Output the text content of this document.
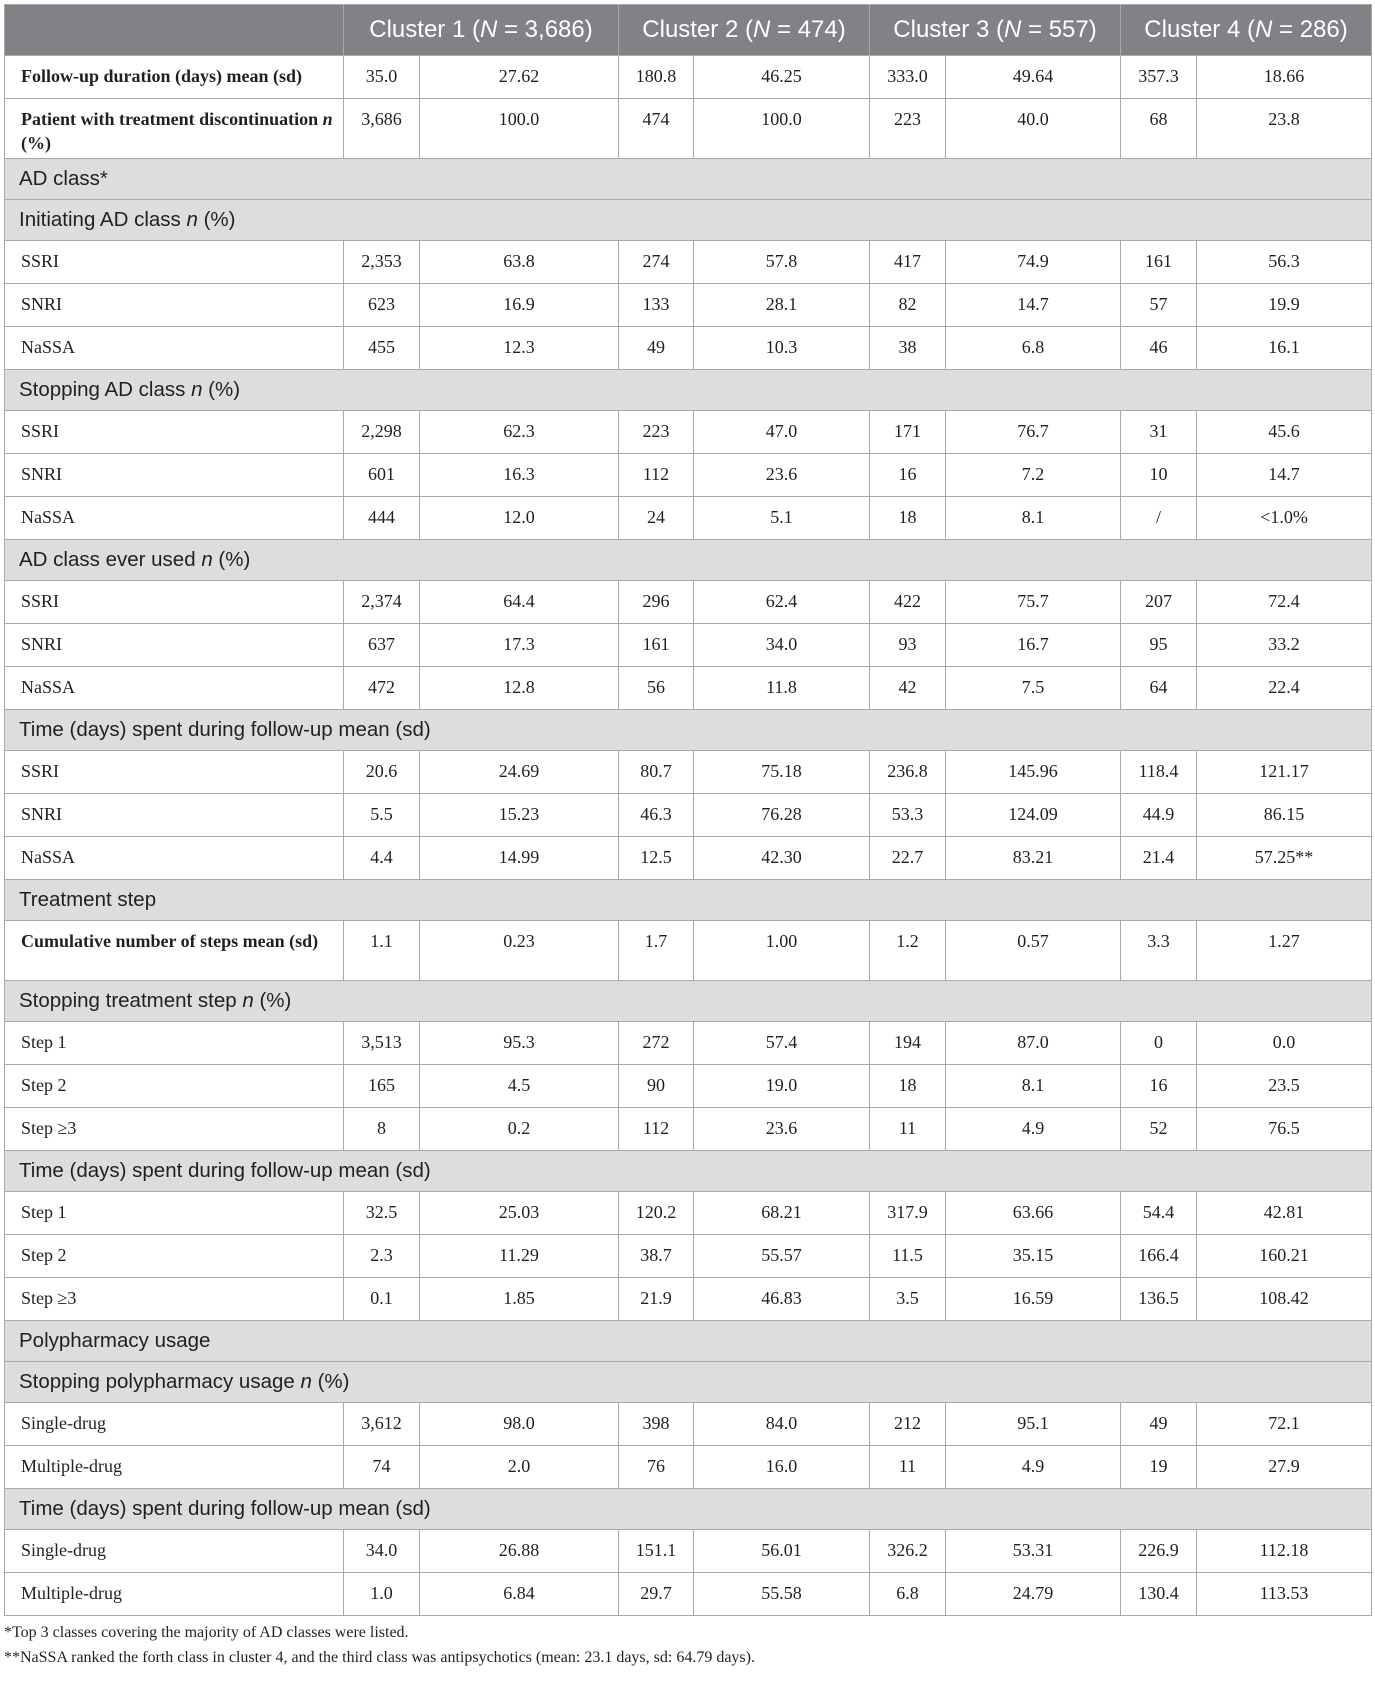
	Cluster 1 (N = 3,686)		Cluster 2 (N = 474)		Cluster 3 (N = 557)		Cluster 4 (N = 286)	
Follow-up duration (days) mean (sd)	35.0	27.62	180.8	46.25	333.0	49.64	357.3	18.66
Patient with treatment discontinuation n (%)	3,686	100.0	474	100.0	223	40.0	68	23.8
AD class*								
Initiating AD class n (%)								
SSRI	2,353	63.8	274	57.8	417	74.9	161	56.3
SNRI	623	16.9	133	28.1	82	14.7	57	19.9
NaSSA	455	12.3	49	10.3	38	6.8	46	16.1
Stopping AD class n (%)								
SSRI	2,298	62.3	223	47.0	171	76.7	31	45.6
SNRI	601	16.3	112	23.6	16	7.2	10	14.7
NaSSA	444	12.0	24	5.1	18	8.1	/	<1.0%
AD class ever used n (%)								
SSRI	2,374	64.4	296	62.4	422	75.7	207	72.4
SNRI	637	17.3	161	34.0	93	16.7	95	33.2
NaSSA	472	12.8	56	11.8	42	7.5	64	22.4
Time (days) spent during follow-up mean (sd)								
SSRI	20.6	24.69	80.7	75.18	236.8	145.96	118.4	121.17
SNRI	5.5	15.23	46.3	76.28	53.3	124.09	44.9	86.15
NaSSA	4.4	14.99	12.5	42.30	22.7	83.21	21.4	57.25**
Treatment step								
Cumulative number of steps mean (sd)	1.1	0.23	1.7	1.00	1.2	0.57	3.3	1.27
Stopping treatment step n (%)								
Step 1	3,513	95.3	272	57.4	194	87.0	0	0.0
Step 2	165	4.5	90	19.0	18	8.1	16	23.5
Step ≥3	8	0.2	112	23.6	11	4.9	52	76.5
Time (days) spent during follow-up mean (sd)								
Step 1	32.5	25.03	120.2	68.21	317.9	63.66	54.4	42.81
Step 2	2.3	11.29	38.7	55.57	11.5	35.15	166.4	160.21
Step ≥3	0.1	1.85	21.9	46.83	3.5	16.59	136.5	108.42
Polypharmacy usage								
Stopping polypharmacy usage n (%)								
Single-drug	3,612	98.0	398	84.0	212	95.1	49	72.1
Multiple-drug	74	2.0	76	16.0	11	4.9	19	27.9
Time (days) spent during follow-up mean (sd)								
Single-drug	34.0	26.88	151.1	56.01	326.2	53.31	226.9	112.18
Multiple-drug	1.0	6.84	29.7	55.58	6.8	24.79	130.4	113.53
*Top 3 classes covering the majority of AD classes were listed.
**NaSSA ranked the forth class in cluster 4, and the third class was antipsychotics (mean: 23.1 days, sd: 64.79 days).
